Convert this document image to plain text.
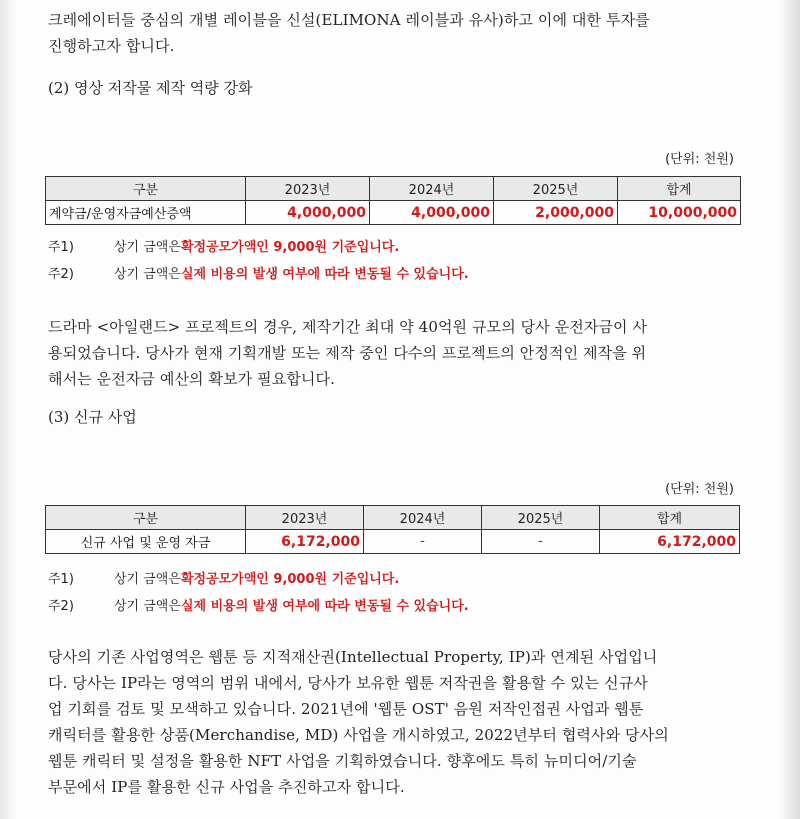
크레에이터들 중심의 개별 레이블을 신설(ELIMONA 레이블과 유사)하고 이에 대한 투자를
진행하고자 합니다.
(2) 영상 저작물 제작 역량 강화
(단위: 천원)
구분	2023년	2024년	2025년	합계
계약금/운영자금예산증액	4,000,000	4,000,000	2,000,000	10,000,000
주1)	상기 금액은확정공모가액인 9,000원 기준입니다.
주2)	상기 금액은실제 비용의 발생 여부에 따라 변동될 수 있습니다.
드라마 <아일랜드> 프로젝트의 경우, 제작기간 최대 약 40억원 규모의 당사 운전자금이 사
용되었습니다. 당사가 현재 기획개발 또는 제작 중인 다수의 프로젝트의 안정적인 제작을 위
해서는 운전자금 예산의 확보가 필요합니다.
(3) 신규 사업
(단위: 천원)
구분	2023년	2024년	2025년	합계
신규 사업 및 운영 자금	6,172,000	-	-	6,172,000
주1)	상기 금액은확정공모가액인 9,000원 기준입니다.
주2)	상기 금액은실제 비용의 발생 여부에 따라 변동될 수 있습니다.
당사의 기존 사업영역은 웹툰 등 지적재산권(Intellectual Property, IP)과 연계된 사업입니
다. 당사는 IP라는 영역의 범위 내에서, 당사가 보유한 웹툰 저작권을 활용할 수 있는 신규사
업 기회를 검토 및 모색하고 있습니다. 2021년에 '웹툰 OST' 음원 저작인접권 사업과 웹툰
캐릭터를 활용한 상품(Merchandise, MD) 사업을 개시하였고, 2022년부터 협력사와 당사의
웹툰 캐릭터 및 설정을 활용한 NFT 사업을 기획하였습니다. 향후에도 특히 뉴미디어/기술
부문에서 IP를 활용한 신규 사업을 추진하고자 합니다.
